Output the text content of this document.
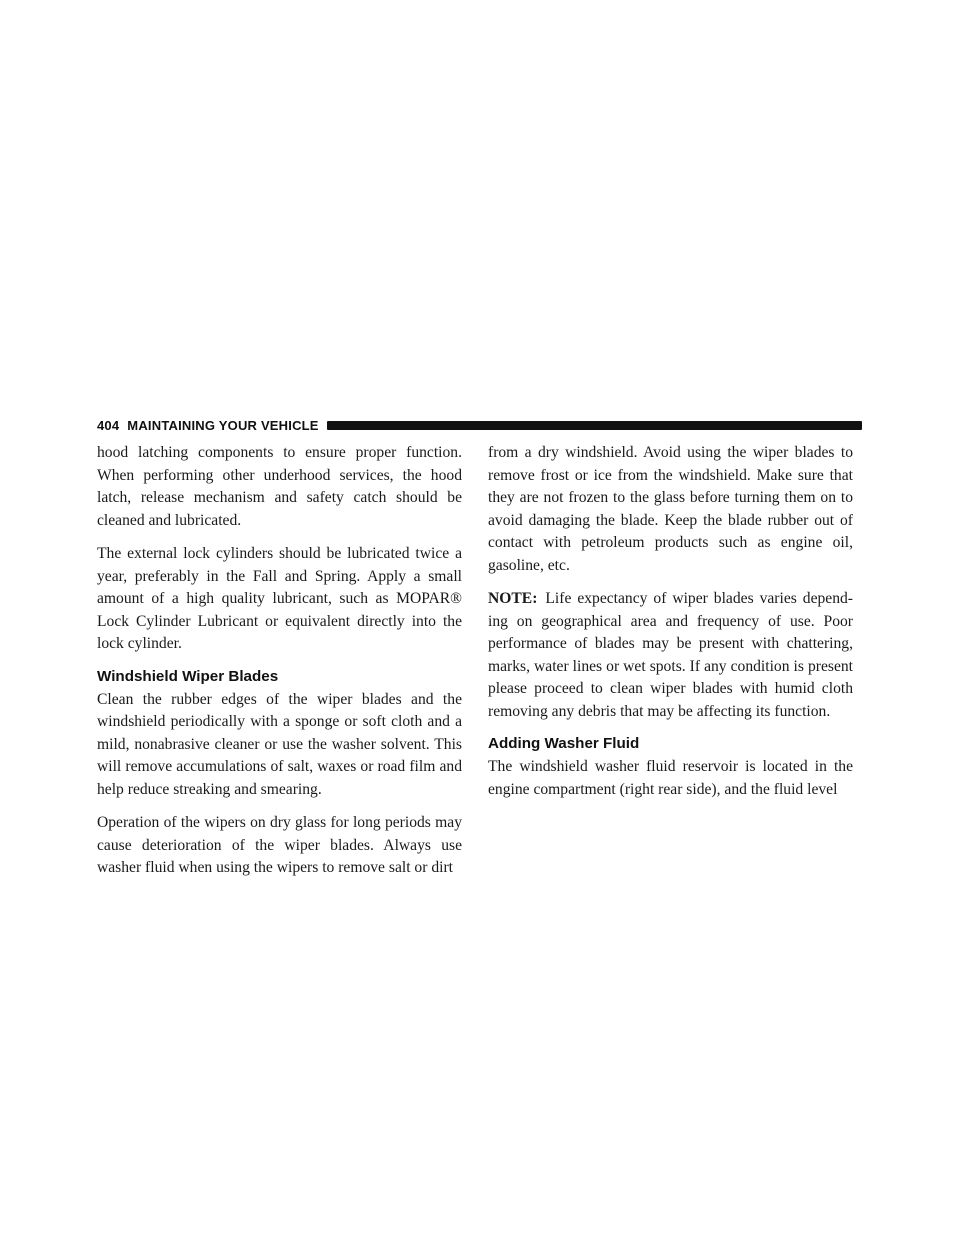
404 MAINTAINING YOUR VEHICLE

hood latching components to ensure proper function. When performing other underhood services, the hood latch, release mechanism and safety catch should be cleaned and lubricated.

The external lock cylinders should be lubricated twice a year, preferably in the Fall and Spring. Apply a small amount of a high quality lubricant, such as MOPAR® Lock Cylinder Lubricant or equivalent directly into the lock cylinder.

Windshield Wiper Blades

Clean the rubber edges of the wiper blades and the windshield periodically with a sponge or soft cloth and a mild, nonabrasive cleaner or use the washer solvent. This will remove accumulations of salt, waxes or road film and help reduce streaking and smearing.

Operation of the wipers on dry glass for long periods may cause deterioration of the wiper blades. Always use washer fluid when using the wipers to remove salt or dirt

from a dry windshield. Avoid using the wiper blades to remove frost or ice from the windshield. Make sure that they are not frozen to the glass before turning them on to avoid damaging the blade. Keep the blade rubber out of contact with petroleum products such as engine oil, gasoline, etc.

NOTE: Life expectancy of wiper blades varies depend-ing on geographical area and frequency of use. Poor performance of blades may be present with chattering, marks, water lines or wet spots. If any condition is present please proceed to clean wiper blades with humid cloth removing any debris that may be affecting its function.

Adding Washer Fluid

The windshield washer fluid reservoir is located in the engine compartment (right rear side), and the fluid level
